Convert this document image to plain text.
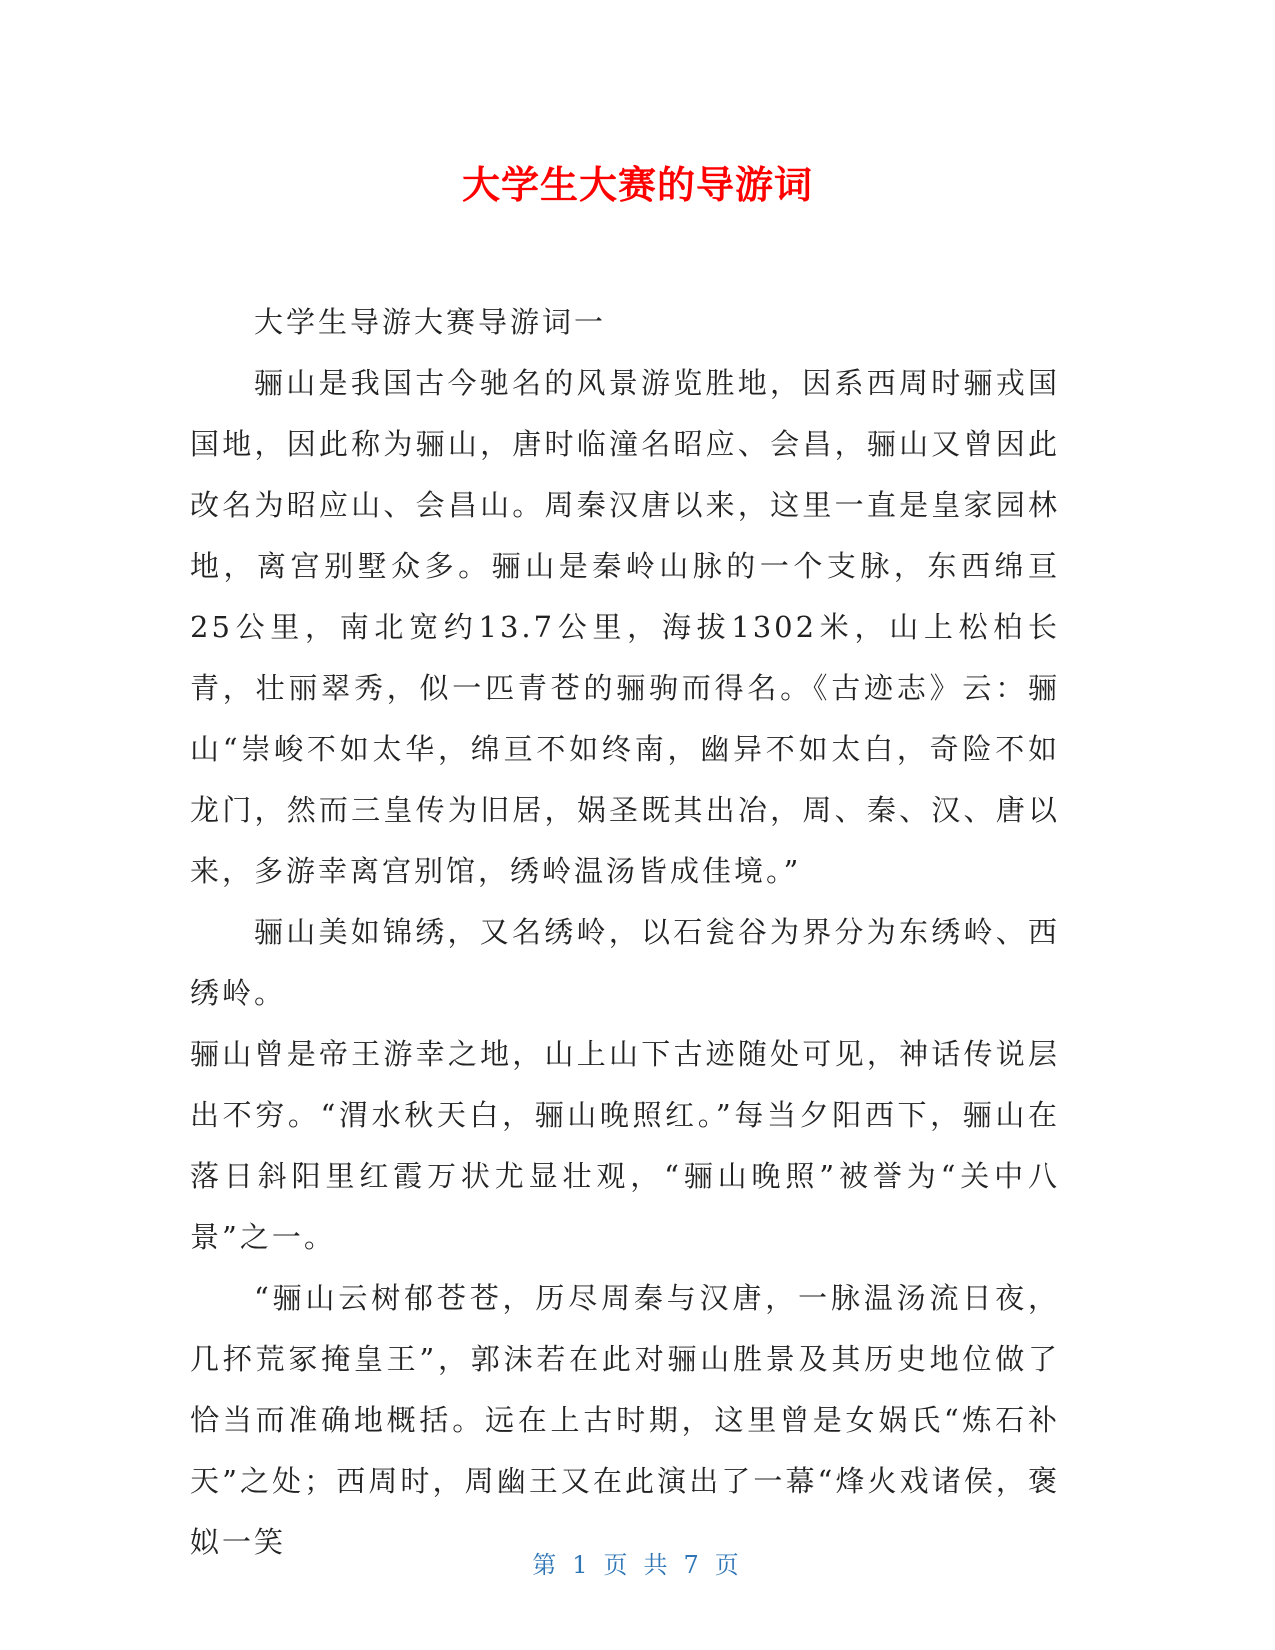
大学生大赛的导游词

大学生导游大赛导游词一

骊山是我国古今驰名的风景游览胜地，因系西周时骊戎国国地，因此称为骊山，唐时临潼名昭应、会昌，骊山又曾因此改名为昭应山、会昌山。周秦汉唐以来，这里一直是皇家园林地，离宫别墅众多。骊山是秦岭山脉的一个支脉，东西绵亘25公里，南北宽约13.7公里，海拔1302米，山上松柏长青，壮丽翠秀，似一匹青苍的骊驹而得名。《古迹志》云：骊山“崇峻不如太华，绵亘不如终南，幽异不如太白，奇险不如龙门，然而三皇传为旧居，娲圣既其出冶，周、秦、汉、唐以来，多游幸离宫别馆，绣岭温汤皆成佳境。”

骊山美如锦绣，又名绣岭，以石瓮谷为界分为东绣岭、西绣岭。

骊山曾是帝王游幸之地，山上山下古迹随处可见，神话传说层出不穷。“渭水秋天白，骊山晚照红。”每当夕阳西下，骊山在落日斜阳里红霞万状尤显壮观，“骊山晚照”被誉为“关中八景”之一。

“骊山云树郁苍苍，历尽周秦与汉唐，一脉温汤流日夜，几抔荒冢掩皇王”，郭沫若在此对骊山胜景及其历史地位做了恰当而准确地概括。远在上古时期，这里曾是女娲氏“炼石补天”之处；西周时，周幽王又在此演出了一幕“烽火戏诸侯，褒姒一笑

第 1 页 共 7 页
